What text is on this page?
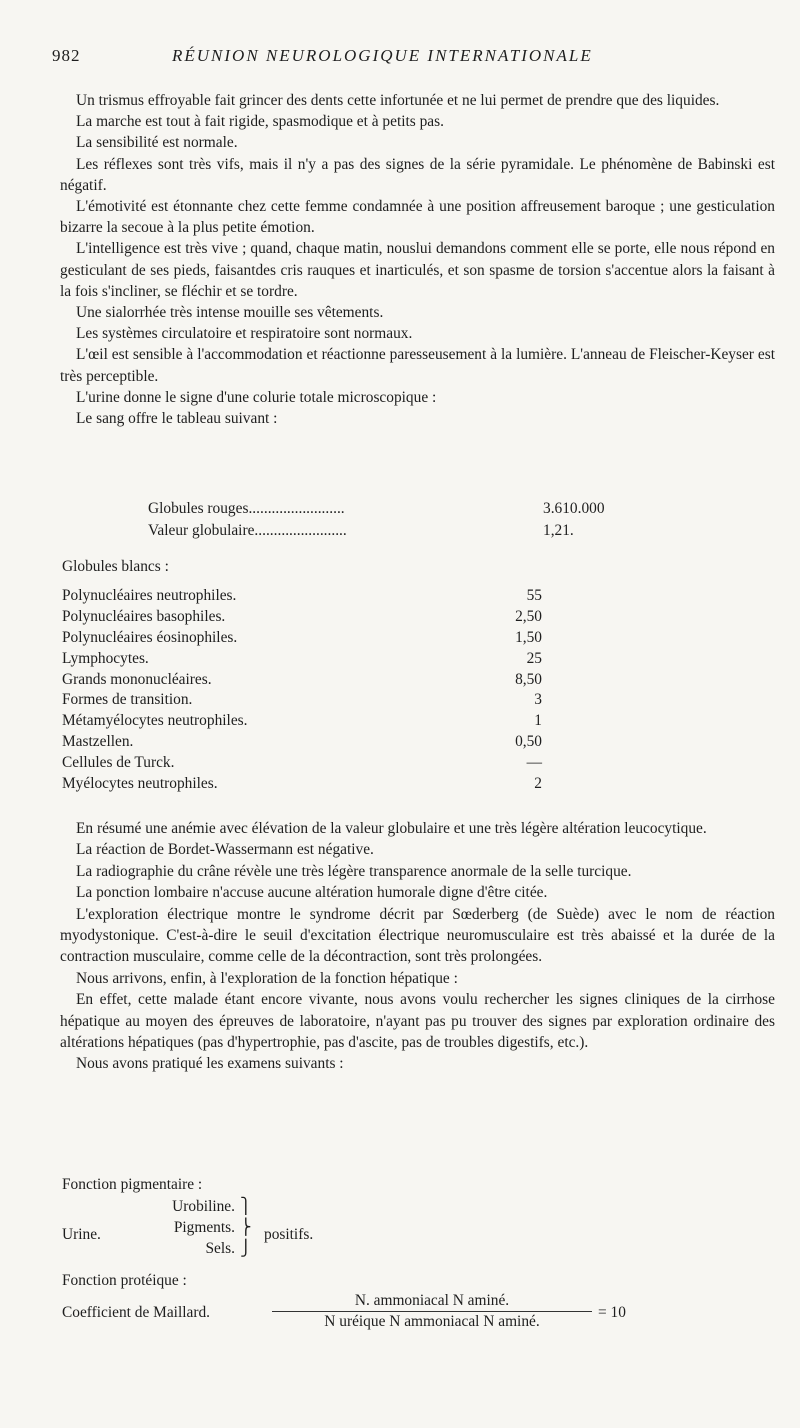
982	RÉUNION NEUROLOGIQUE INTERNATIONALE

Un trismus effroyable fait grincer des dents cette infortunée et ne lui permet de prendre que des liquides.

La marche est tout à fait rigide, spasmodique et à petits pas.

La sensibilité est normale.

Les réflexes sont très vifs, mais il n'y a pas des signes de la série pyramidale. Le phénomène de Babinski est négatif.

L'émotivité est étonnante chez cette femme condamnée à une position affreusement baroque ; une gesticulation bizarre la secoue à la plus petite émotion.

L'intelligence est très vive ; quand, chaque matin, nouslui demandons comment elle se porte, elle nous répond en gesticulant de ses pieds, faisantdes cris rauques et inarticulés, et son spasme de torsion s'accentue alors la faisant à la fois s'incliner, se fléchir et se tordre.

Une sialorrhée très intense mouille ses vêtements.

Les systèmes circulatoire et respiratoire sont normaux.

L'œil est sensible à l'accommodation et réactionne paresseusement à la lumière. L'anneau de Fleischer-Keyser est très perceptible.

L'urine donne le signe d'une colurie totale microscopique :

Le sang offre le tableau suivant :

Globules rouges.........................	3.610.000
Valeur globulaire........................	1,21.
Globules blancs :
Polynucléaires neutrophiles.	55
Polynucléaires basophiles.	2,50
Polynucléaires éosinophiles.	1,50
Lymphocytes.	25
Grands mononucléaires.	8,50
Formes de transition.	3
Métamyélocytes neutrophiles.	1
Mastzellen.	0,50
Cellules de Turck.	—
Myélocytes neutrophiles.	2

En résumé une anémie avec élévation de la valeur globulaire et une très légère altération leucocytique.

La réaction de Bordet-Wassermann est négative.

La radiographie du crâne révèle une très légère transparence anormale de la selle turcique.

La ponction lombaire n'accuse aucune altération humorale digne d'être citée.

L'exploration électrique montre le syndrome décrit par Sœderberg (de Suède) avec le nom de réaction myodystonique. C'est-à-dire le seuil d'excitation électrique neuromusculaire est très abaissé et la durée de la contraction musculaire, comme celle de la décontraction, sont très prolongées.

Nous arrivons, enfin, à l'exploration de la fonction hépatique :

En effet, cette malade étant encore vivante, nous avons voulu rechercher les signes cliniques de la cirrhose hépatique au moyen des épreuves de laboratoire, n'ayant pas pu trouver des signes par exploration ordinaire des altérations hépatiques (pas d'hypertrophie, pas d'ascite, pas de troubles digestifs, etc.).

Nous avons pratiqué les examens suivants :

Fonction pigmentaire :
Urine.
Urobiline.
Pigments.
Sels.
⎫
⎬
⎭
positifs.
Fonction protéique :
Coefficient de Maillard.
N. ammoniacal N aminé.
N uréique N ammoniacal N aminé.
= 10
